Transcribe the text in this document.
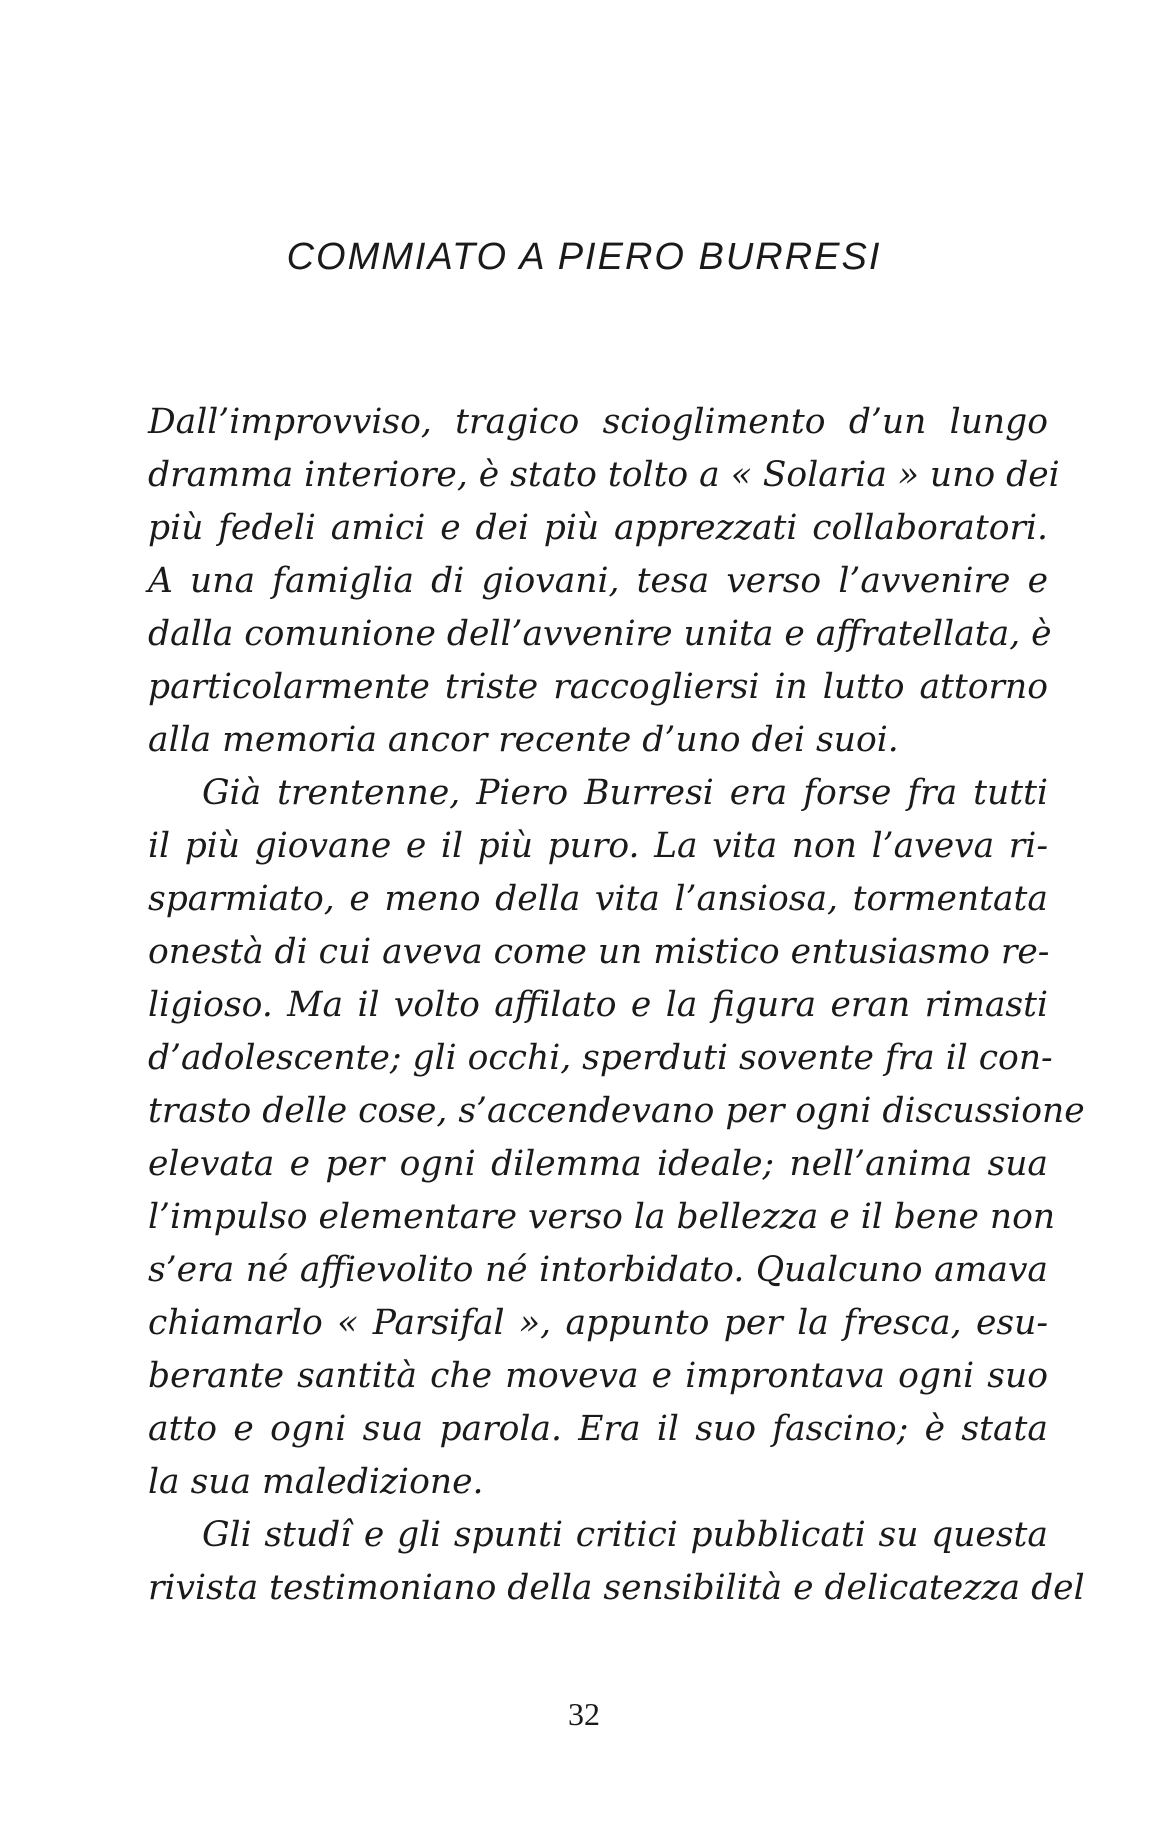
COMMIATO A PIERO BURRESI
Dall’improvviso, tragico scioglimento d’un lungo
dramma interiore, è stato tolto a « Solaria » uno dei
più fedeli amici e dei più apprezzati collaboratori.
A una famiglia di giovani, tesa verso l’avvenire e
dalla comunione dell’avvenire unita e affratellata, è
particolarmente triste raccogliersi in lutto attorno
alla memoria ancor recente d’uno dei suoi.
Già trentenne, Piero Burresi era forse fra tutti
il più giovane e il più puro. La vita non l’aveva ri-
sparmiato, e meno della vita l’ansiosa, tormentata
onestà di cui aveva come un mistico entusiasmo re-
ligioso. Ma il volto affilato e la figura eran rimasti
d’adolescente; gli occhi, sperduti sovente fra il con-
trasto delle cose, s’accendevano per ogni discussione
elevata e per ogni dilemma ideale; nell’anima sua
l’impulso elementare verso la bellezza e il bene non
s’era né affievolito né intorbidato. Qualcuno amava
chiamarlo « Parsifal », appunto per la fresca, esu-
berante santità che moveva e improntava ogni suo
atto e ogni sua parola. Era il suo fascino; è stata
la sua maledizione.
Gli studî e gli spunti critici pubblicati su questa
rivista testimoniano della sensibilità e delicatezza del
32
